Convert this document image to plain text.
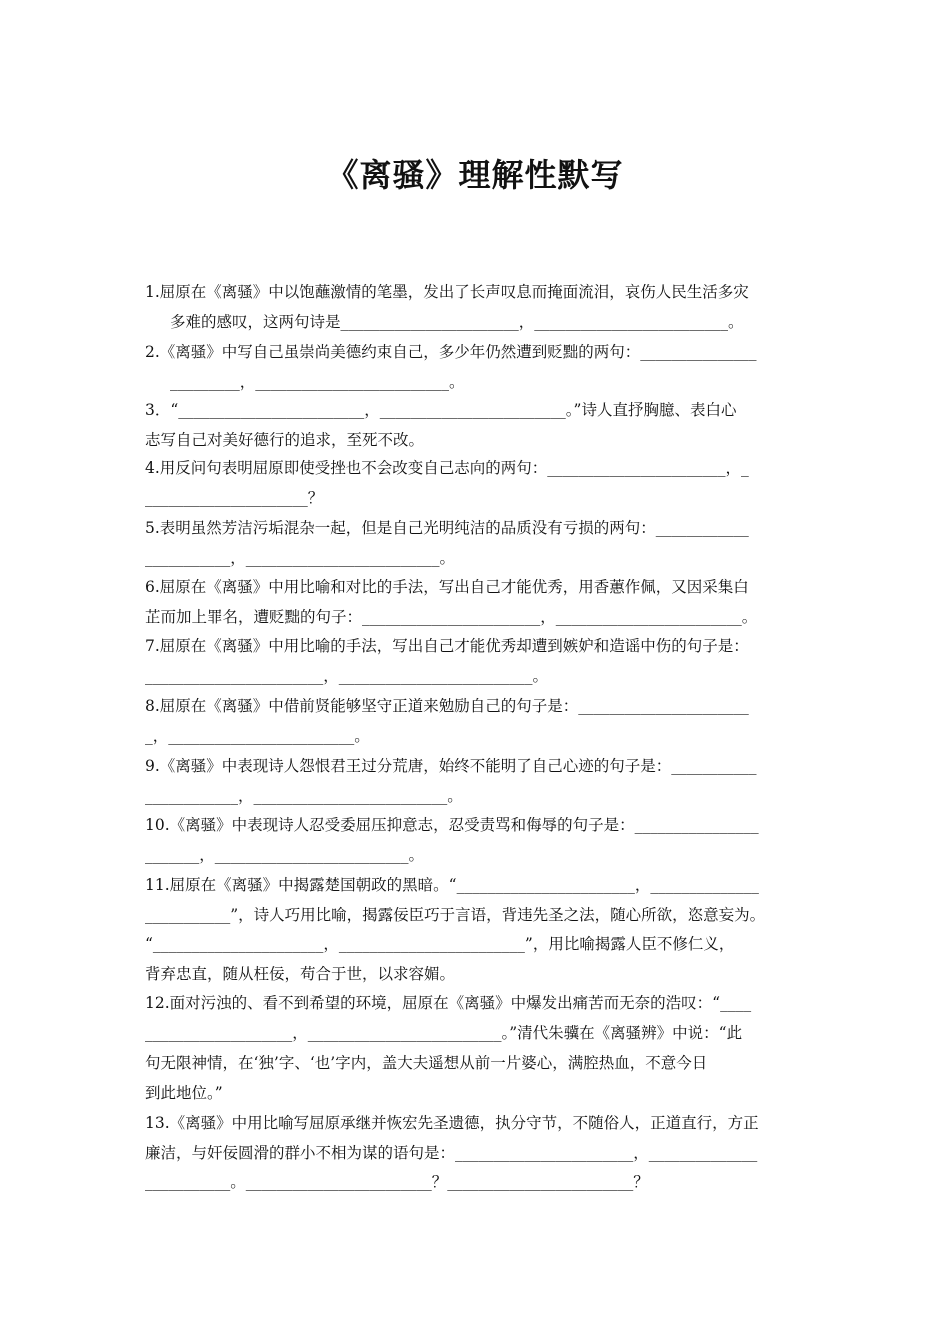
《离骚》理解性默写
1.屈原在《离骚》中以饱蘸激情的笔墨，发出了长声叹息而掩面流泪，哀伤人民生活多灾
多难的感叹，这两句诗是_______________________，_________________________。
2.《离骚》中写自己虽崇尚美德约束自己，多少年仍然遭到贬黜的两句：_______________
_________，_________________________。
3．“________________________，________________________。”诗人直抒胸臆、表白心
志写自己对美好德行的追求，至死不改。
4.用反问句表明屈原即使受挫也不会改变自己志向的两句：_______________________，_
_____________________？
5.表明虽然芳洁污垢混杂一起，但是自己光明纯洁的品质没有亏损的两句：____________
___________，_________________________。
6.屈原在《离骚》中用比喻和对比的手法，写出自己才能优秀，用香蕙作佩，又因采集白
芷而加上罪名，遭贬黜的句子：_______________________，________________________。
7.屈原在《离骚》中用比喻的手法，写出自己才能优秀却遭到嫉妒和造谣中伤的句子是：
_______________________，_________________________。
8.屈原在《离骚》中借前贤能够坚守正道来勉励自己的句子是：______________________
_，________________________。
9.《离骚》中表现诗人怨恨君王过分荒唐，始终不能明了自己心迹的句子是：___________
____________，_________________________。
10.《离骚》中表现诗人忍受委屈压抑意志，忍受责骂和侮辱的句子是：________________
_______，_________________________。
11.屈原在《离骚》中揭露楚国朝政的黑暗。“_______________________，______________
___________”，诗人巧用比喻，揭露佞臣巧于言语，背违先圣之法，随心所欲，恣意妄为。
“______________________，________________________”，用比喻揭露人臣不修仁义，
背弃忠直，随从枉佞，苟合于世，以求容媚。
12.面对污浊的、看不到希望的环境，屈原在《离骚》中爆发出痛苦而无奈的浩叹：“____
___________________，_________________________。”清代朱骥在《离骚辨》中说：“此
句无限神情，在‘独’字、‘也’字内，盖大夫遥想从前一片婆心，满腔热血，不意今日
到此地位。”
13.《离骚》中用比喻写屈原承继并恢宏先圣遗德，执分守节，不随俗人，正道直行，方正
廉洁，与奸佞圆滑的群小不相为谋的语句是：_______________________，______________
___________。________________________？________________________？
